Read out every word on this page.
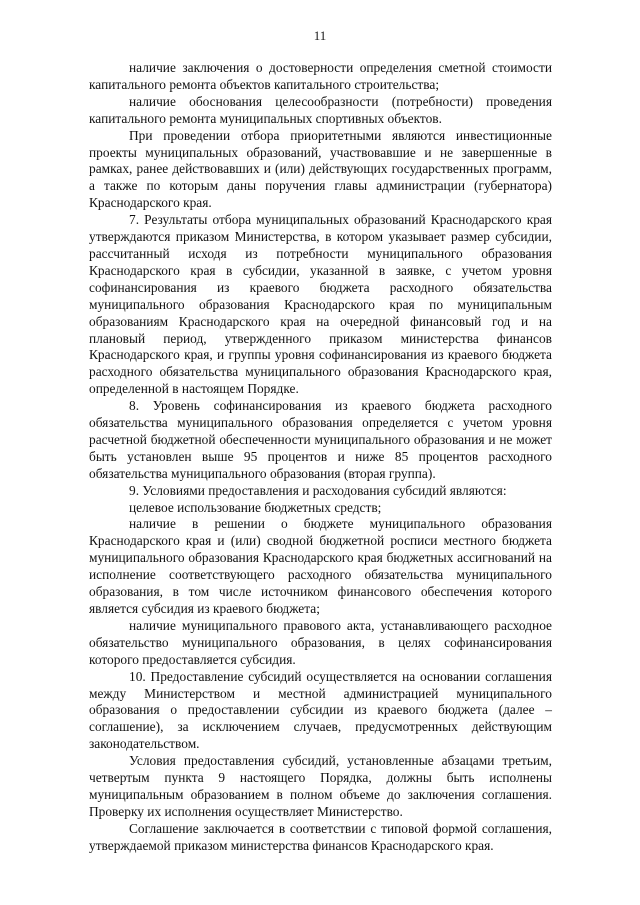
11

наличие заключения о достоверности определения сметной стоимости капитального ремонта объектов капитального строительства;

наличие обоснования целесообразности (потребности) проведения капитального ремонта муниципальных спортивных объектов.

При проведении отбора приоритетными являются инвестиционные проекты муниципальных образований, участвовавшие и не завершенные в рамках, ранее действовавших и (или) действующих государственных программ, а также по которым даны поручения главы администрации (губернатора) Краснодарского края.

7. Результаты отбора муниципальных образований Краснодарского края утверждаются приказом Министерства, в котором указывает размер субсидии, рассчитанный исходя из потребности муниципального образования Краснодарского края в субсидии, указанной в заявке, с учетом уровня софинансирования из краевого бюджета расходного обязательства муниципального образования Краснодарского края по муниципальным образованиям Краснодарского края на очередной финансовый год и на плановый период, утвержденного приказом министерства финансов Краснодарского края, и группы уровня софинансирования из краевого бюджета расходного обязательства муниципального образования Краснодарского края, определенной в настоящем Порядке.

8. Уровень софинансирования из краевого бюджета расходного обязательства муниципального образования определяется с учетом уровня расчетной бюджетной обеспеченности муниципального образования и не может быть установлен выше 95 процентов и ниже 85 процентов расходного обязательства муниципального образования (вторая группа).

9. Условиями предоставления и расходования субсидий являются:

целевое использование бюджетных средств;

наличие в решении о бюджете муниципального образования Краснодарского края и (или) сводной бюджетной росписи местного бюджета муниципального образования Краснодарского края бюджетных ассигнований на исполнение соответствующего расходного обязательства муниципального образования, в том числе источником финансового обеспечения которого является субсидия из краевого бюджета;

наличие муниципального правового акта, устанавливающего расходное обязательство муниципального образования, в целях софинансирования которого предоставляется субсидия.

10. Предоставление субсидий осуществляется на основании соглашения между Министерством и местной администрацией муниципального образования о предоставлении субсидии из краевого бюджета (далее – соглашение), за исключением случаев, предусмотренных действующим законодательством.

Условия предоставления субсидий, установленные абзацами третьим, четвертым пункта 9 настоящего Порядка, должны быть исполнены муниципальным образованием в полном объеме до заключения соглашения. Проверку их исполнения осуществляет Министерство.

Соглашение заключается в соответствии с типовой формой соглашения, утверждаемой приказом министерства финансов Краснодарского края.
